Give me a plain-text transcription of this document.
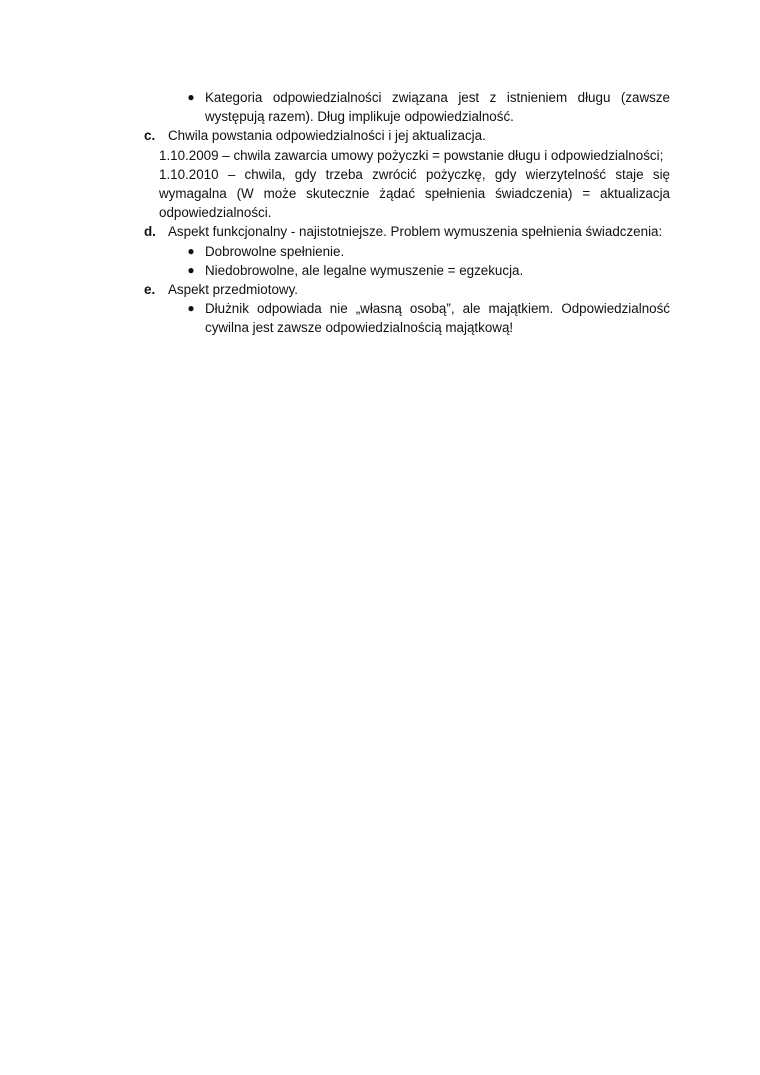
● Kategoria odpowiedzialności związana jest z istnieniem długu (zawsze występują razem). Dług implikuje odpowiedzialność.
c. Chwila powstania odpowiedzialności i jej aktualizacja.
1.10.2009 – chwila zawarcia umowy pożyczki = powstanie długu i odpowiedzialności;
1.10.2010 – chwila, gdy trzeba zwrócić pożyczkę, gdy wierzytelność staje się wymagalna (W może skutecznie żądać spełnienia świadczenia) = aktualizacja odpowiedzialności.
d. Aspekt funkcjonalny - najistotniejsze. Problem wymuszenia spełnienia świadczenia:
● Dobrowolne spełnienie.
● Niedobrowolne, ale legalne wymuszenie = egzekucja.
e. Aspekt przedmiotowy.
● Dłużnik odpowiada nie „własną osobą”, ale majątkiem. Odpowiedzialność cywilna jest zawsze odpowiedzialnością majątkową!
